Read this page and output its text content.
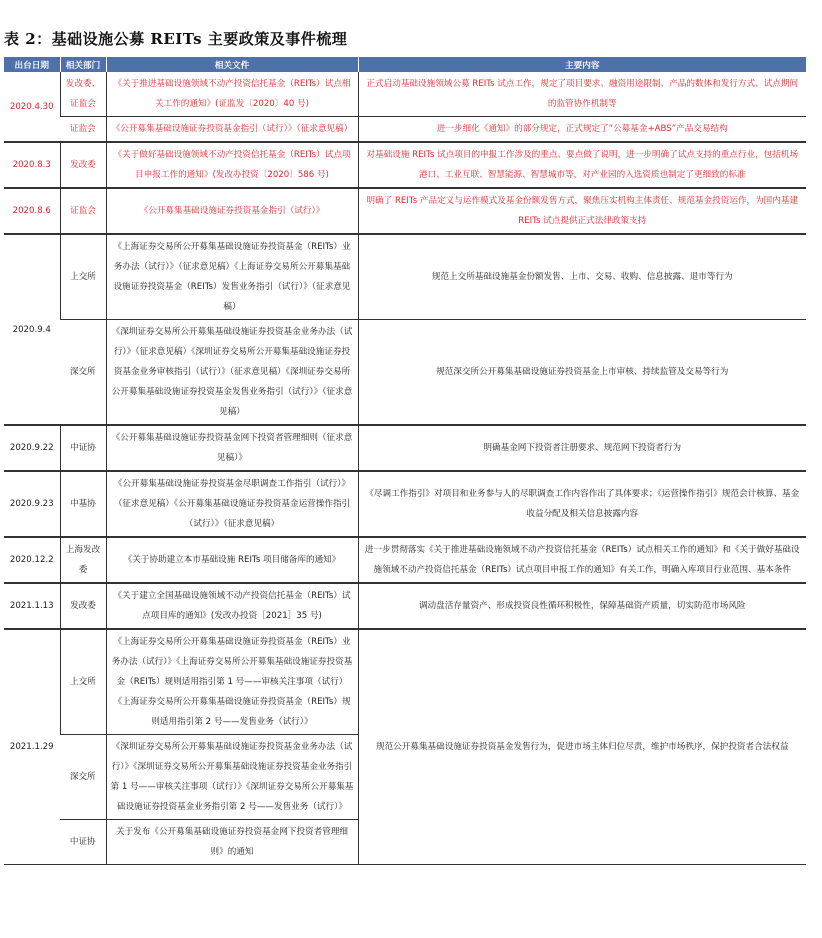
表 2：基础设施公募 REITs 主要政策及事件梳理
出台日期	相关部门	相关文件	主要内容
2020.4.30	发改委、证监会	《关于推进基础设施领域不动产投资信托基金（REITs）试点相关工作的通知》(证监发〔2020〕40 号)	正式启动基础设施领域公募 REITs 试点工作，规定了项目要求、融资用途限制、产品的数体和发行方式、试点期间的监管协作机制等
	证监会	《公开募集基础设施证券投资基金指引（试行）》（征求意见稿）	进一步细化《通知》的部分规定，正式规定了“公募基金+ABS”产品交易结构
2020.8.3	发改委	《关于做好基础设施领域不动产投资信托基金（REITs）试点项目申报工作的通知》(发改办投资〔2020〕586 号)	对基础设施 REITs 试点项目的申报工作涉及的重点、要点做了说明，进一步明确了试点支持的重点行业，包括机场港口、工业互联、智慧能源、智慧城市等，对产业园的入选资质也制定了更细致的标准
2020.8.6	证监会	《公开募集基础设施证券投资基金指引（试行）》	明确了 REITs 产品定义与运作模式及基金份额发售方式，聚焦压实机构主体责任、规范基金投资运作，为国内基建 REITs 试点提供正式法律政策支持
2020.9.4	上交所	《上海证券交易所公开募集基础设施证券投资基金（REITs）业务办法（试行）》（征求意见稿）《上海证券交易所公开募集基础设施证券投资基金（REITs）发售业务指引（试行）》（征求意见稿）	规范上交所基础设施基金份额发售、上市、交易、收购、信息披露、退市等行为
	深交所	《深圳证券交易所公开募集基础设施证券投资基金业务办法（试行）》（征求意见稿）《深圳证券交易所公开募集基础设施证券投资基金业务审核指引（试行）》（征求意见稿）《深圳证券交易所公开募集基础设施证券投资基金发售业务指引（试行）》（征求意见稿）	规范深交所公开募集基础设施证券投资基金上市审核、持续监管及交易等行为
2020.9.22	中证协	《公开募集基础设施证券投资基金网下投资者管理细则（征求意见稿）》	明确基金网下投资者注册要求、规范网下投资者行为
2020.9.23	中基协	《公开募集基础设施证券投资基金尽职调查工作指引（试行）》（征求意见稿）《公开募集基础设施证券投资基金运营操作指引（试行）》（征求意见稿）	《尽调工作指引》对项目和业务参与人的尽职调查工作内容作出了具体要求；《运营操作指引》规范会计核算、基金收益分配及相关信息披露内容
2020.12.2	上海发改委	《关于协助建立本市基础设施 REITs 项目储备库的通知》	进一步贯彻落实《关于推进基础设施领域不动产投资信托基金（REITs）试点相关工作的通知》和《关于做好基础设施领域不动产投资信托基金（REITs）试点项目申报工作的通知》有关工作，明确入库项目行业范围、基本条件
2021.1.13	发改委	《关于建立全国基础设施领域不动产投资信托基金（REITs）试点项目库的通知》(发改办投资［2021］35 号)	调动盘活存量资产、形成投资良性循环积极性，保障基础资产质量，切实防范市场风险
2021.1.29	上交所	《上海证券交易所公开募集基础设施证券投资基金（REITs）业务办法（试行）》《上海证券交易所公开募集基础设施证券投资基金（REITs）规则适用指引第 1 号——审核关注事项（试行）《上海证券交易所公开募集基础设施证券投资基金（REITs）规则适用指引第 2 号——发售业务（试行）》	规范公开募集基础设施证券投资基金发售行为，促进市场主体归位尽责，维护市场秩序，保护投资者合法权益
	深交所	《深圳证券交易所公开募集基础设施证券投资基金业务办法（试行）》《深圳证券交易所公开募集基础设施证券投资基金业务指引第 1 号——审核关注事项（试行）》《深圳证券交易所公开募集基础设施证券投资基金业务指引第 2 号——发售业务（试行）》	
	中证协	关于发布《公开募集基础设施证券投资基金网下投资者管理细则》的通知	
